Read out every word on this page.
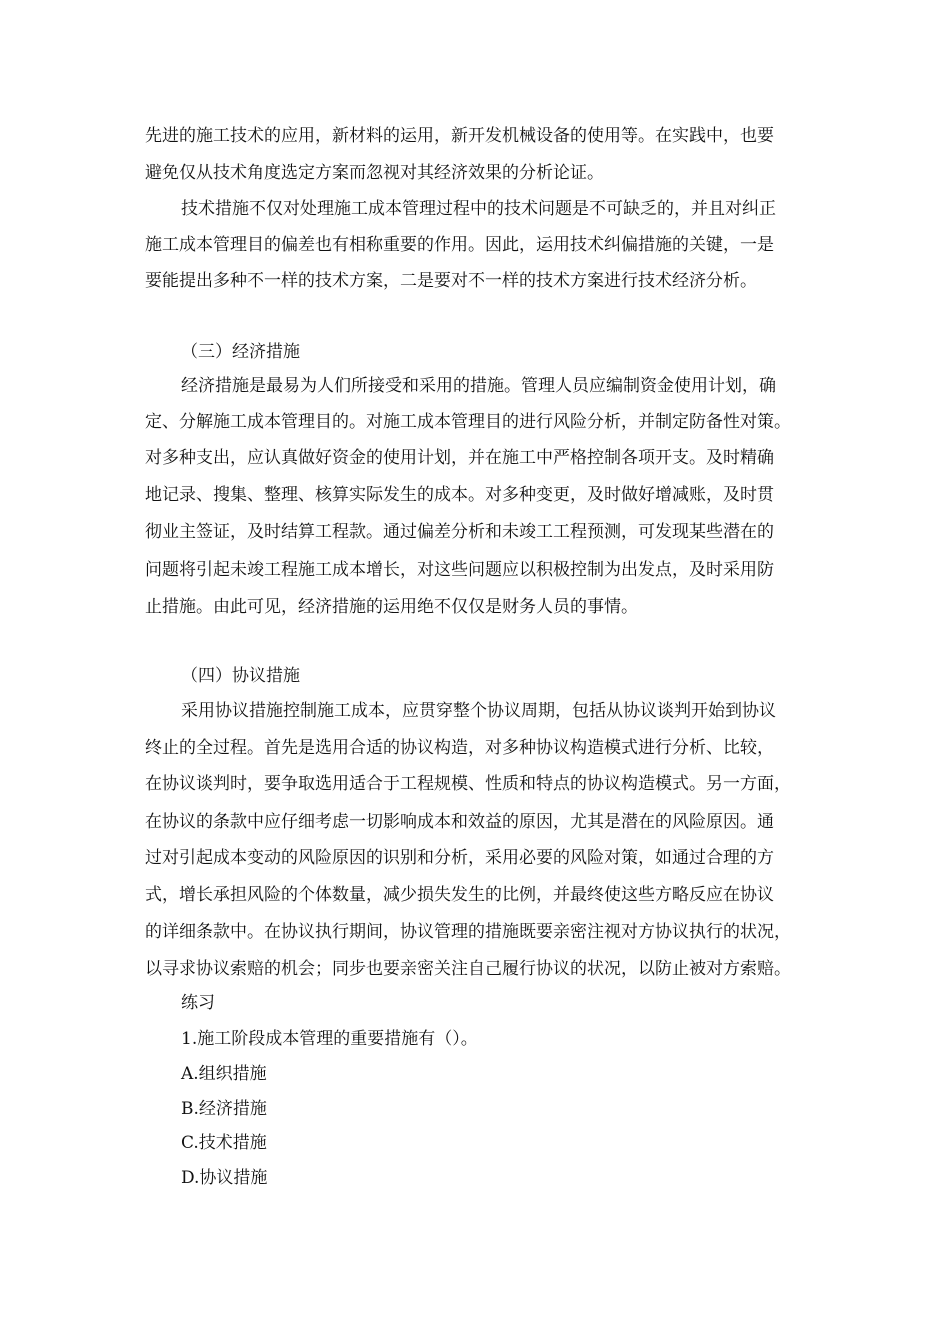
先进的施工技术的应用，新材料的运用，新开发机械设备的使用等。在实践中，也要
避免仅从技术角度选定方案而忽视对其经济效果的分析论证。
技术措施不仅对处理施工成本管理过程中的技术问题是不可缺乏的，并且对纠正
施工成本管理目的偏差也有相称重要的作用。因此，运用技术纠偏措施的关键，一是
要能提出多种不一样的技术方案，二是要对不一样的技术方案进行技术经济分析。
（三）经济措施
经济措施是最易为人们所接受和采用的措施。管理人员应编制资金使用计划，确
定、分解施工成本管理目的。对施工成本管理目的进行风险分析，并制定防备性对策。
对多种支出，应认真做好资金的使用计划，并在施工中严格控制各项开支。及时精确
地记录、搜集、整理、核算实际发生的成本。对多种变更，及时做好增减账，及时贯
彻业主签证，及时结算工程款。通过偏差分析和未竣工工程预测，可发现某些潜在的
问题将引起未竣工程施工成本增长，对这些问题应以积极控制为出发点，及时采用防
止措施。由此可见，经济措施的运用绝不仅仅是财务人员的事情。
（四）协议措施
采用协议措施控制施工成本，应贯穿整个协议周期，包括从协议谈判开始到协议
终止的全过程。首先是选用合适的协议构造，对多种协议构造模式进行分析、比较，
在协议谈判时，要争取选用适合于工程规模、性质和特点的协议构造模式。另一方面，
在协议的条款中应仔细考虑一切影响成本和效益的原因，尤其是潜在的风险原因。通
过对引起成本变动的风险原因的识别和分析，采用必要的风险对策，如通过合理的方
式，增长承担风险的个体数量，减少损失发生的比例，并最终使这些方略反应在协议
的详细条款中。在协议执行期间，协议管理的措施既要亲密注视对方协议执行的状况，
以寻求协议索赔的机会；同步也要亲密关注自己履行协议的状况，以防止被对方索赔。
练习
1.施工阶段成本管理的重要措施有（）。
A.组织措施
B.经济措施
C.技术措施
D.协议措施
